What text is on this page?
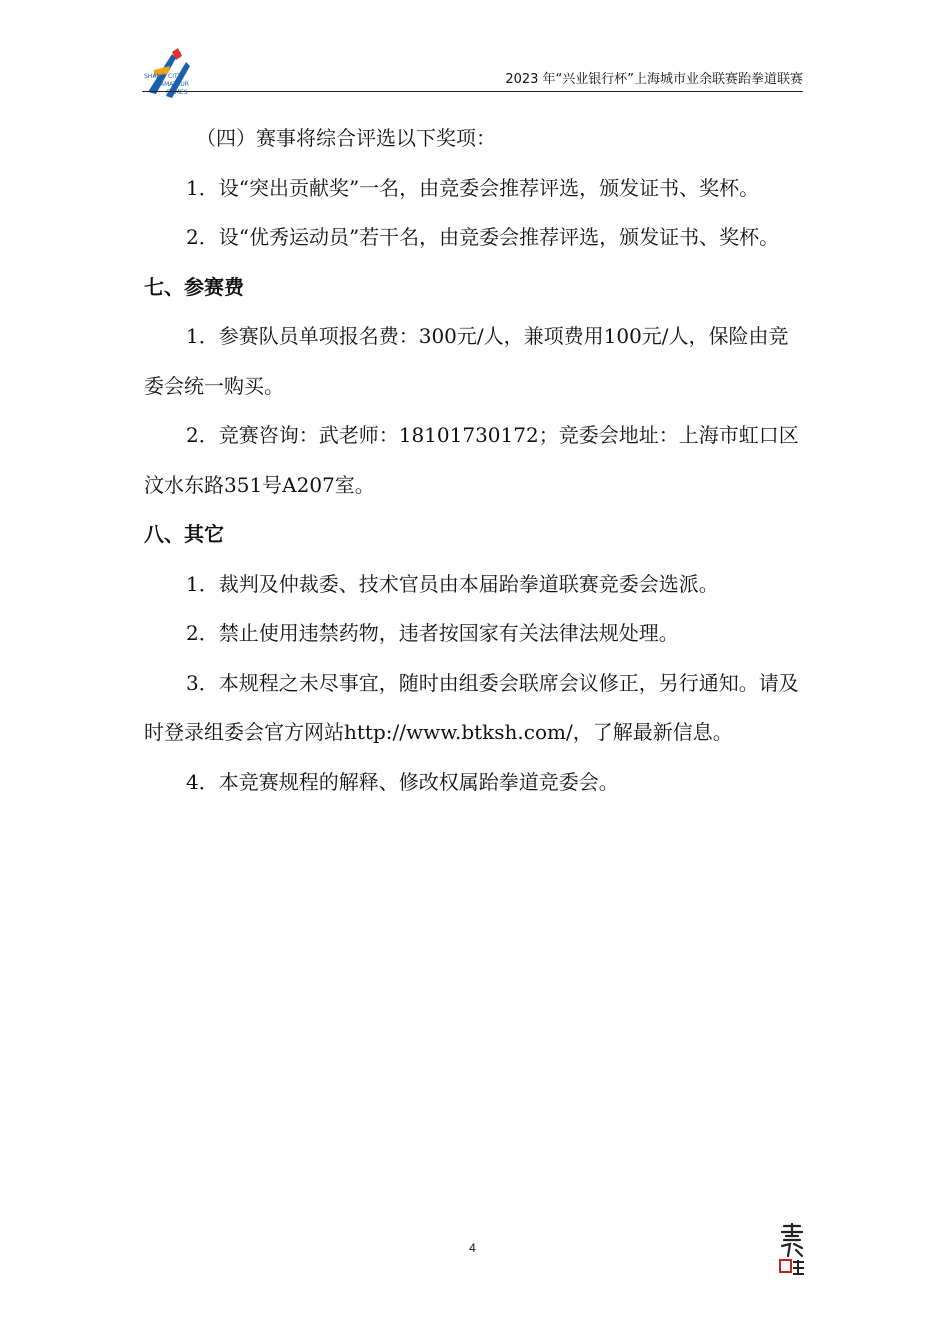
SHANG CITY
AMATEUR
GAMES
2023 年“兴业银行杯”上海城市业余联赛跆拳道联赛

（四）赛事将综合评选以下奖项：

1．设“突出贡献奖”一名，由竞委会推荐评选，颁发证书、奖杯。

2．设“优秀运动员”若干名，由竞委会推荐评选，颁发证书、奖杯。

七、参赛费

1．参赛队员单项报名费：300元/人，兼项费用100元/人，保险由竞委会统一购买。

2．竞赛咨询：武老师：18101730172；竞委会地址：上海市虹口区汶水东路351号A207室。

八、其它

1．裁判及仲裁委、技术官员由本届跆拳道联赛竞委会选派。

2．禁止使用违禁药物，违者按国家有关法律法规处理。

3．本规程之未尽事宜，随时由组委会联席会议修正，另行通知。请及时登录组委会官方网站http://www.btksh.com/，了解最新信息。

4．本竞赛规程的解释、修改权属跆拳道竞委会。

4
